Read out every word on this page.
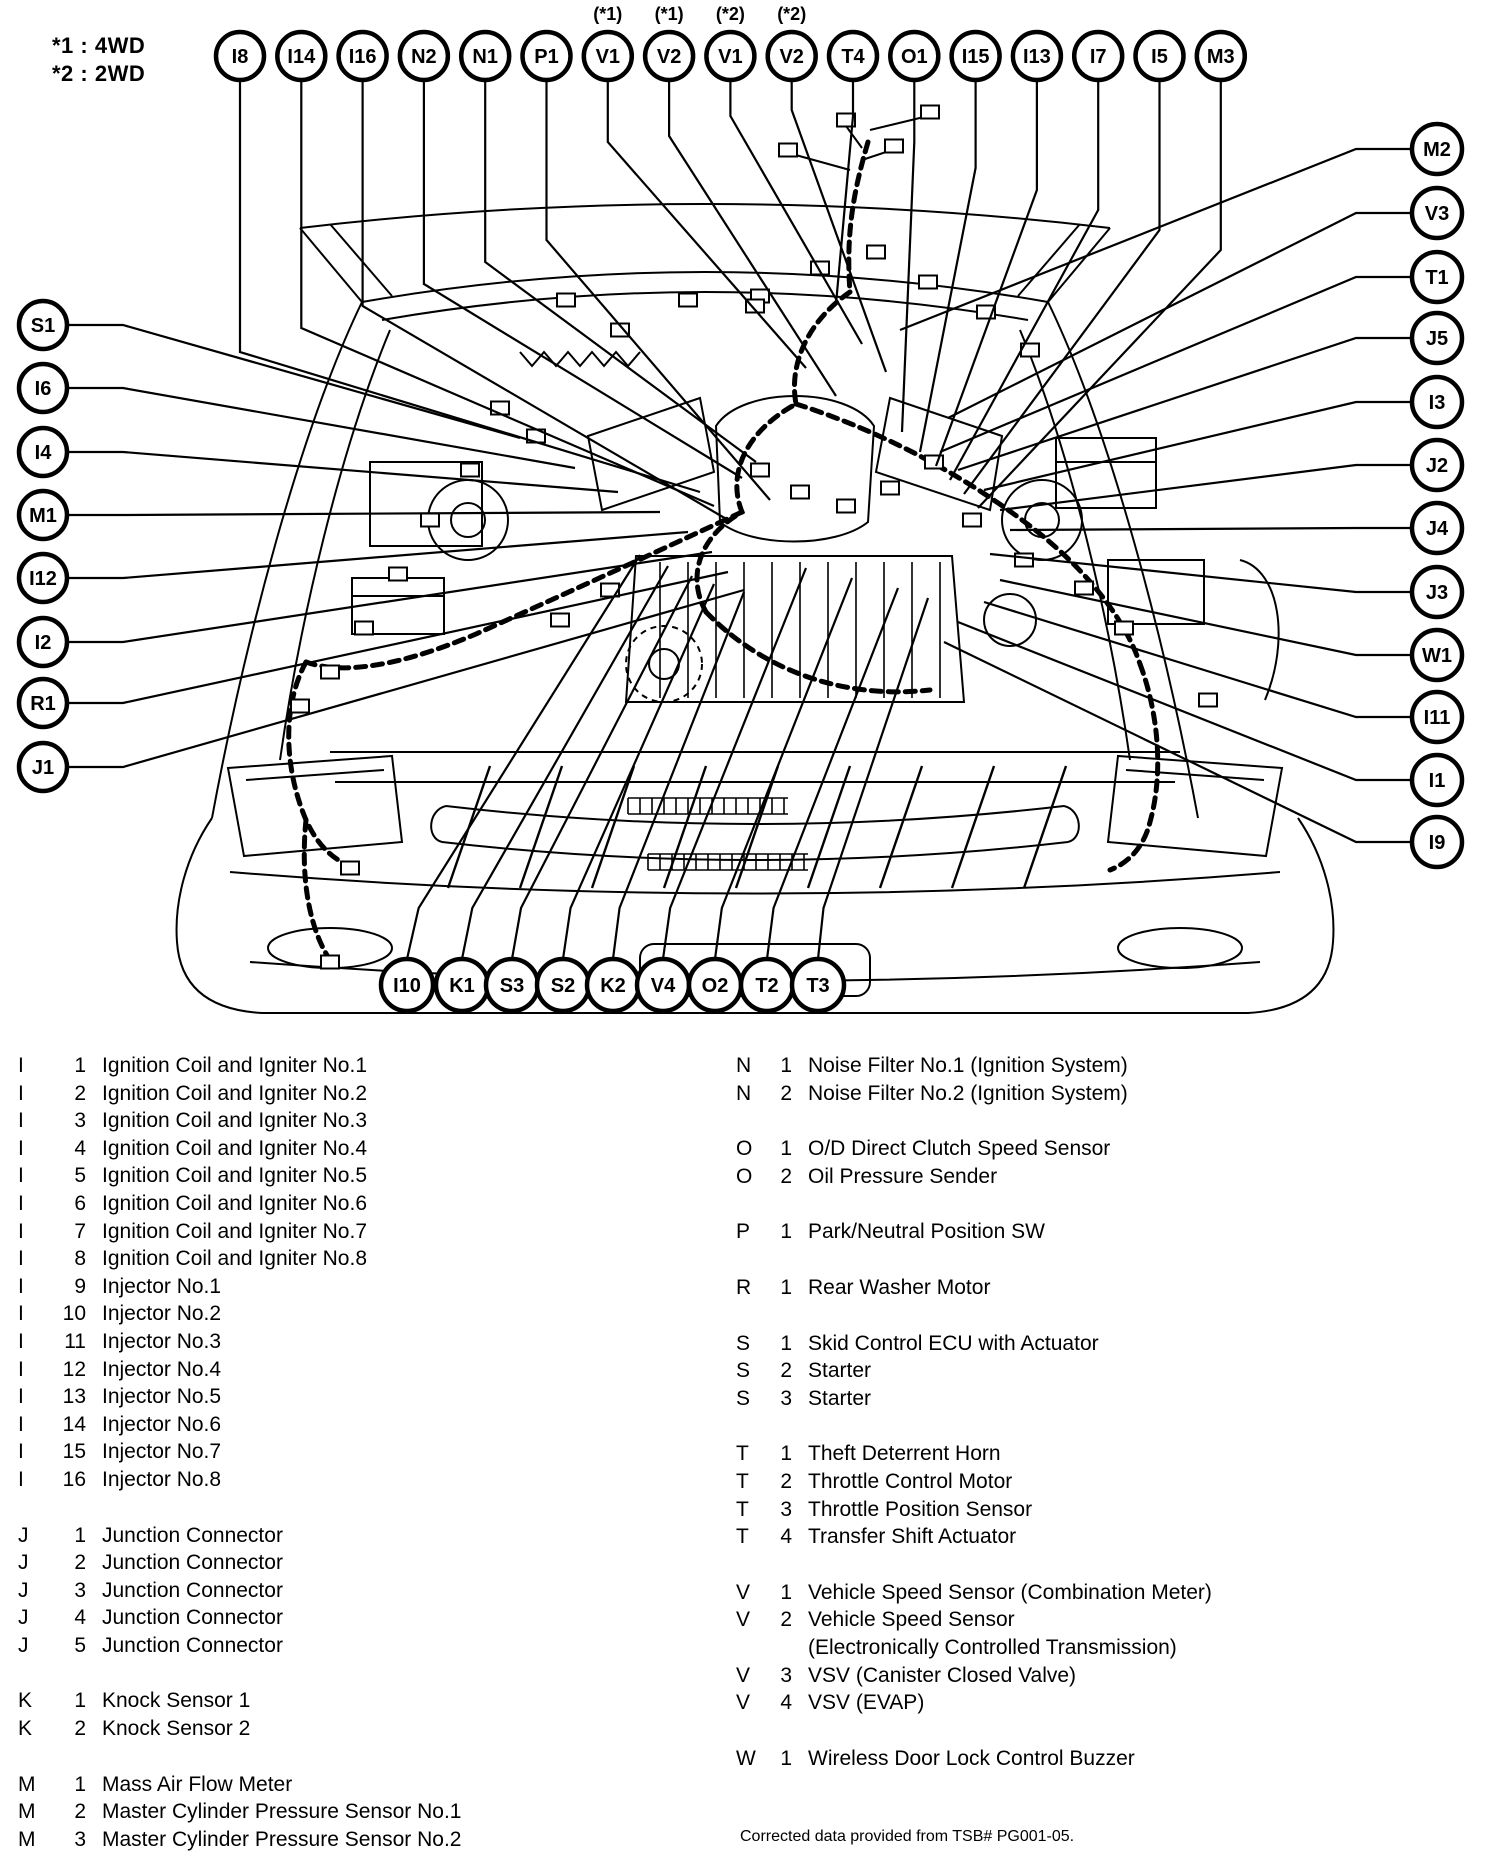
I8 I14 I16 N2 N1 P1 V1
(*1)
V2
(*1)
V1
(*2)
V2
(*2)
T4 O1 I15 I13 I7 I5 M3
M2
V3
T1
J5
I3
J2
J4
J3
W1
I11
I1
I9
S1
I6
I4
M1
I12
I2
R1
J1
I10 K1 S3 S2 K2 V4 O2 T2 T3
*1 : 4WD
*2 : 2WD
I	1 Ignition Coil and Igniter No.1
I	2 Ignition Coil and Igniter No.2
I	3 Ignition Coil and Igniter No.3
I	4 Ignition Coil and Igniter No.4
I	5 Ignition Coil and Igniter No.5
I	6 Ignition Coil and Igniter No.6
I	7 Ignition Coil and Igniter No.7
I	8 Ignition Coil and Igniter No.8
I	9 Injector No.1
I	10 Injector No.2
I	11 Injector No.3
I	12 Injector No.4
I	13 Injector No.5
I	14 Injector No.6
I	15 Injector No.7
I	16 Injector No.8
J	1 Junction Connector
J	2 Junction Connector
J	3 Junction Connector
J	4 Junction Connector
J	5 Junction Connector
K	1 Knock Sensor 1
K	2 Knock Sensor 2
M	1 Mass Air Flow Meter
M	2 Master Cylinder Pressure Sensor No.1
M	3 Master Cylinder Pressure Sensor No.2
N	1 Noise Filter No.1 (Ignition System)
N	2 Noise Filter No.2 (Ignition System)
O	1 O/D Direct Clutch Speed Sensor
O	2 Oil Pressure Sender
P	1 Park/Neutral Position SW
R	1 Rear Washer Motor
S	1 Skid Control ECU with Actuator
S	2 Starter
S	3 Starter
T	1 Theft Deterrent Horn
T	2 Throttle Control Motor
T	3 Throttle Position Sensor
T	4 Transfer Shift Actuator
V	1 Vehicle Speed Sensor (Combination Meter)
V	2 Vehicle Speed Sensor
(Electronically Controlled Transmission)
V	3 VSV (Canister Closed Valve)
V	4 VSV (EVAP)
W	1 Wireless Door Lock Control Buzzer
Corrected data provided from TSB# PG001-05.
